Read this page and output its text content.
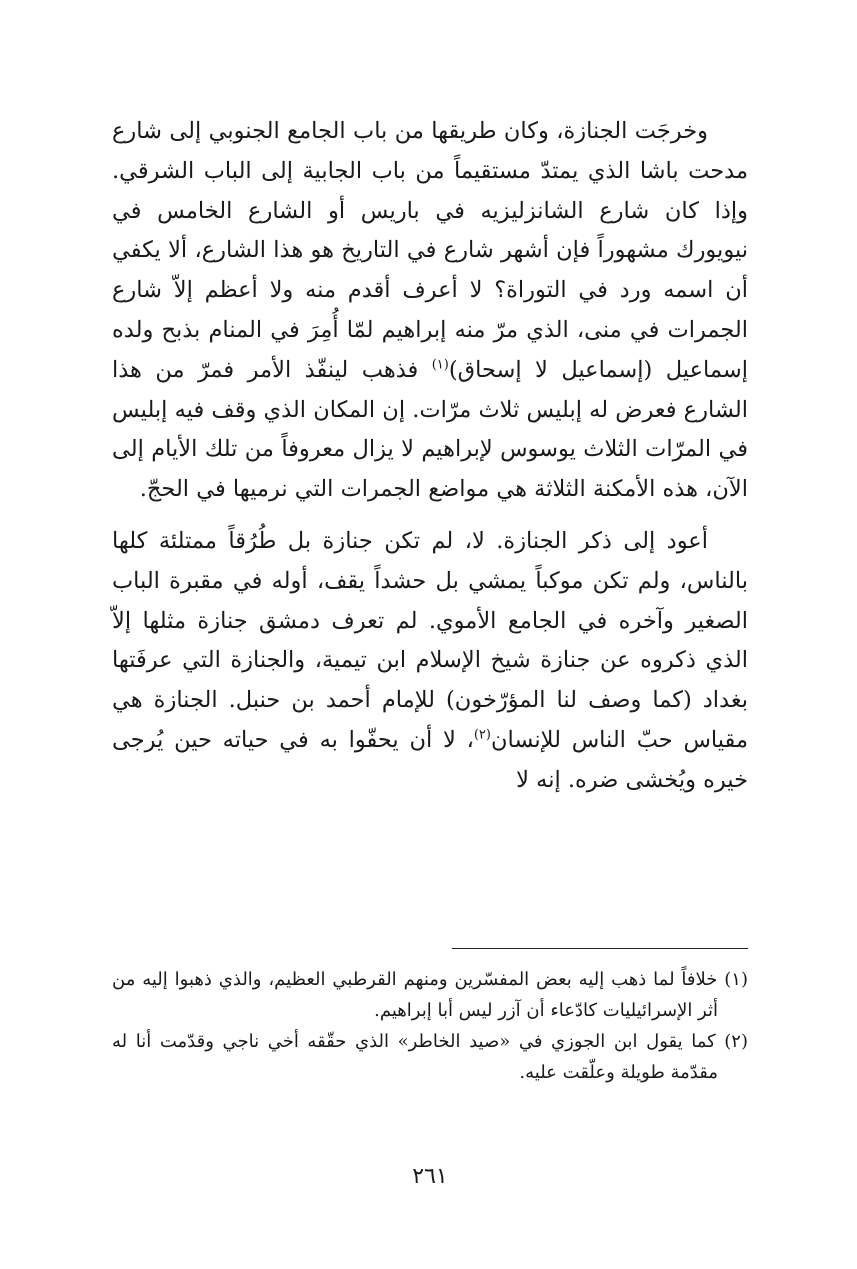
وخرجَت الجنازة، وكان طريقها من باب الجامع الجنوبي إلى شارع مدحت باشا الذي يمتدّ مستقيماً من باب الجابية إلى الباب الشرقي. وإذا كان شارع الشانزليزيه في باريس أو الشارع الخامس في نيويورك مشهوراً فإن أشهر شارع في التاريخ هو هذا الشارع، ألا يكفي أن اسمه ورد في التوراة؟ لا أعرف أقدم منه ولا أعظم إلاّ شارع الجمرات في منى، الذي مرّ منه إبراهيم لمّا أُمِرَ في المنام بذبح ولده إسماعيل (إسماعيل لا إسحاق)$^{(١)}$ فذهب لينفّذ الأمر فمرّ من هذا الشارع فعرض له إبليس ثلاث مرّات. إن المكان الذي وقف فيه إبليس في المرّات الثلاث يوسوس لإبراهيم لا يزال معروفاً من تلك الأيام إلى الآن، هذه الأمكنة الثلاثة هي مواضع الجمرات التي نرميها في الحجّ.

أعود إلى ذكر الجنازة. لا، لم تكن جنازة بل طُرُقاً ممتلئة كلها بالناس، ولم تكن موكباً يمشي بل حشداً يقف، أوله في مقبرة الباب الصغير وآخره في الجامع الأموي. لم تعرف دمشق جنازة مثلها إلاّ الذي ذكروه عن جنازة شيخ الإسلام ابن تيمية، والجنازة التي عرفَتها بغداد (كما وصف لنا المؤرّخون) للإمام أحمد بن حنبل. الجنازة هي مقياس حبّ الناس للإنسان$^{(٢)}$، لا أن يحفّوا به في حياته حين يُرجى خيره ويُخشى ضره. إنه لا

(١) خلافاً لما ذهب إليه بعض المفسّرين ومنهم القرطبي العظيم، والذي ذهبوا إليه من أثر الإسرائيليات كادّعاء أن آزر ليس أبا إبراهيم.

(٢) كما يقول ابن الجوزي في «صيد الخاطر» الذي حقّقه أخي ناجي وقدّمت أنا له مقدّمة طويلة وعلّقت عليه.

٢٦١
